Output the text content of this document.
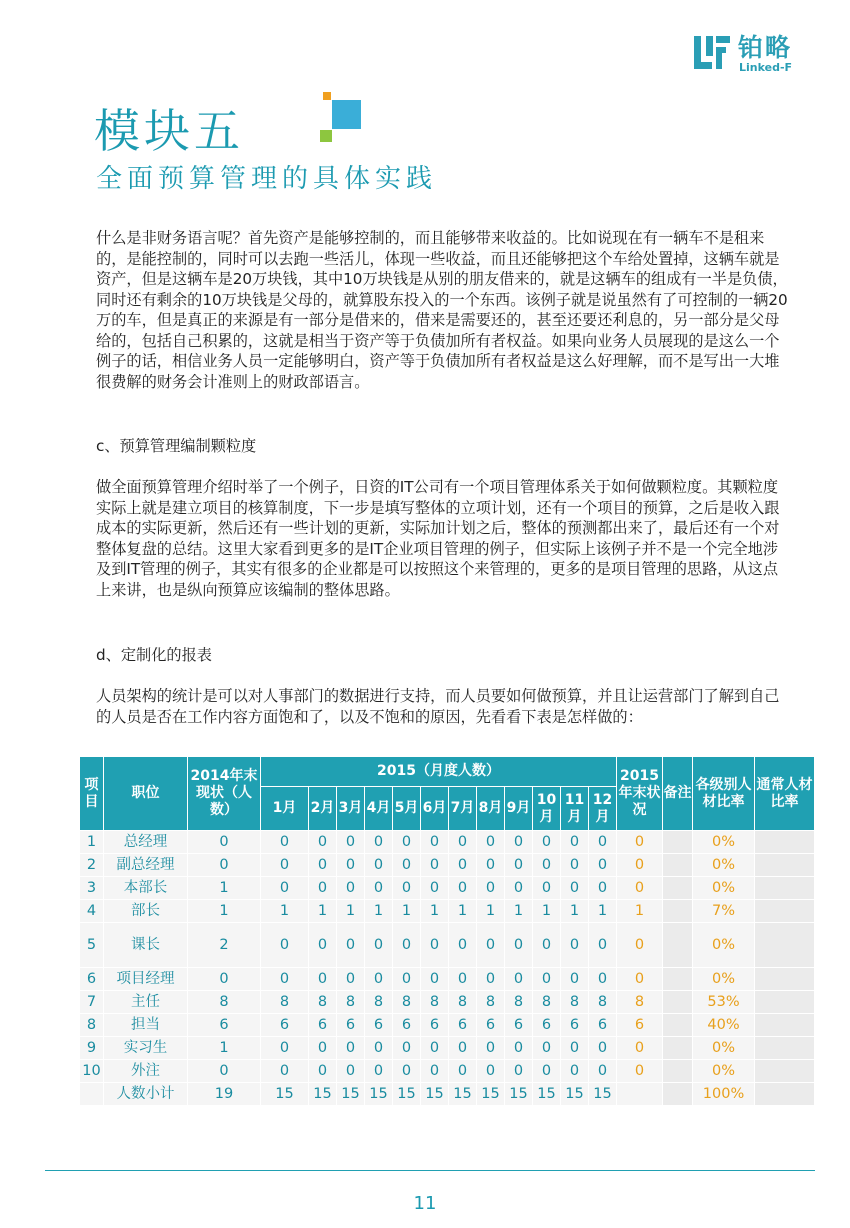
铂略
Linked-F
模块五
全面预算管理的具体实践

什么是非财务语言呢？首先资产是能够控制的，而且能够带来收益的。比如说现在有一辆车不是租来的，是能控制的，同时可以去跑一些活儿，体现一些收益，而且还能够把这个车给处置掉，这辆车就是资产，但是这辆车是20万块钱，其中10万块钱是从别的朋友借来的，就是这辆车的组成有一半是负债，同时还有剩余的10万块钱是父母的，就算股东投入的一个东西。该例子就是说虽然有了可控制的一辆20万的车，但是真正的来源是有一部分是借来的，借来是需要还的，甚至还要还利息的，另一部分是父母给的，包括自己积累的，这就是相当于资产等于负债加所有者权益。如果向业务人员展现的是这么一个例子的话，相信业务人员一定能够明白，资产等于负债加所有者权益是这么好理解，而不是写出一大堆很费解的财务会计准则上的财政部语言。

c、预算管理编制颗粒度

做全面预算管理介绍时举了一个例子，日资的IT公司有一个项目管理体系关于如何做颗粒度。其颗粒度实际上就是建立项目的核算制度，下一步是填写整体的立项计划，还有一个项目的预算，之后是收入跟成本的实际更新，然后还有一些计划的更新，实际加计划之后，整体的预测都出来了，最后还有一个对整体复盘的总结。这里大家看到更多的是IT企业项目管理的例子，但实际上该例子并不是一个完全地涉及到IT管理的例子，其实有很多的企业都是可以按照这个来管理的，更多的是项目管理的思路，从这点上来讲，也是纵向预算应该编制的整体思路。

d、定制化的报表

人员架构的统计是可以对人事部门的数据进行支持，而人员要如何做预算，并且让运营部门了解到自己的人员是否在工作内容方面饱和了，以及不饱和的原因，先看看下表是怎样做的：

项目	职位	2014年末现状（人数）	2015（月度人数）												2015年末状况	备注	各级别人材比率	通常人材比率
			1月	2月	3月	4月	5月	6月	7月	8月	9月	10月	11月	12月				
1	总经理	0	0	0	0	0	0	0	0	0	0	0	0	0	0		0%	
2	副总经理	0	0	0	0	0	0	0	0	0	0	0	0	0	0		0%	
3	本部长	1	0	0	0	0	0	0	0	0	0	0	0	0	0		0%	
4	部长	1	1	1	1	1	1	1	1	1	1	1	1	1	1		7%	
5	课长	2	0	0	0	0	0	0	0	0	0	0	0	0	0		0%	
6	项目经理	0	0	0	0	0	0	0	0	0	0	0	0	0	0		0%	
7	主任	8	8	8	8	8	8	8	8	8	8	8	8	8	8		53%	
8	担当	6	6	6	6	6	6	6	6	6	6	6	6	6	6		40%	
9	实习生	1	0	0	0	0	0	0	0	0	0	0	0	0	0		0%	
10	外注	0	0	0	0	0	0	0	0	0	0	0	0	0	0		0%	
	人数小计	19	15	15	15	15	15	15	15	15	15	15	15	15			100%	
11
